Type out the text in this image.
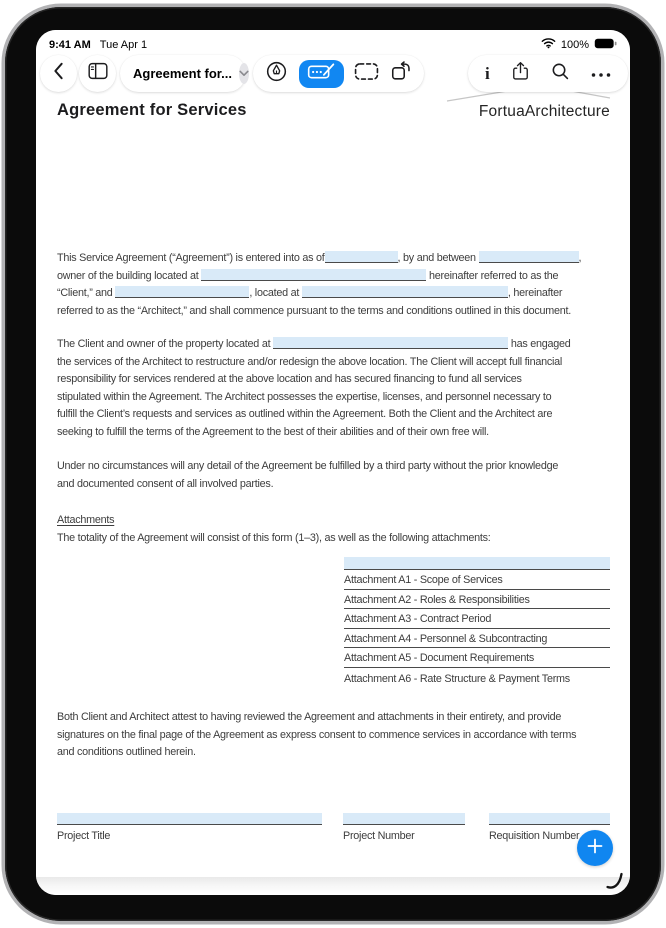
9:41 AM Tue Apr 1	100%
Agreement for...	i
Agreement for Services	FortuaArchitecture
This Service Agreement (“Agreement”) is entered into as of	, by and between	,
owner of the building located at	hereinafter referred to as the
“Client,” and	, located at	, hereinafter
referred to as the “Architect,” and shall commence pursuant to the terms and conditions outlined in this document.
The Client and owner of the property located at	has engaged
the services of the Architect to restructure and/or redesign the above location. The Client will accept full financial
responsibility for services rendered at the above location and has secured financing to fund all services
stipulated within the Agreement. The Architect possesses the expertise, licenses, and personnel necessary to
fulfill the Client’s requests and services as outlined within the Agreement. Both the Client and the Architect are
seeking to fulfill the terms of the Agreement to the best of their abilities and of their own free will.
Under no circumstances will any detail of the Agreement be fulfilled by a third party without the prior knowledge
and documented consent of all involved parties.
Both Client and Architect attest to having reviewed the Agreement and attachments in their entirety, and provide
signatures on the final page of the Agreement as express consent to commence services in accordance with terms
and conditions outlined herein.
Attachments
The totality of the Agreement will consist of this form (1–3), as well as the following attachments:
Attachment A1 - Scope of Services
Attachment A2 - Roles & Responsibilities
Attachment A3 - Contract Period
Attachment A4 - Personnel & Subcontracting
Attachment A5 - Document Requirements
Attachment A6 - Rate Structure & Payment Terms
Project Title	Project Number	Requisition Number
